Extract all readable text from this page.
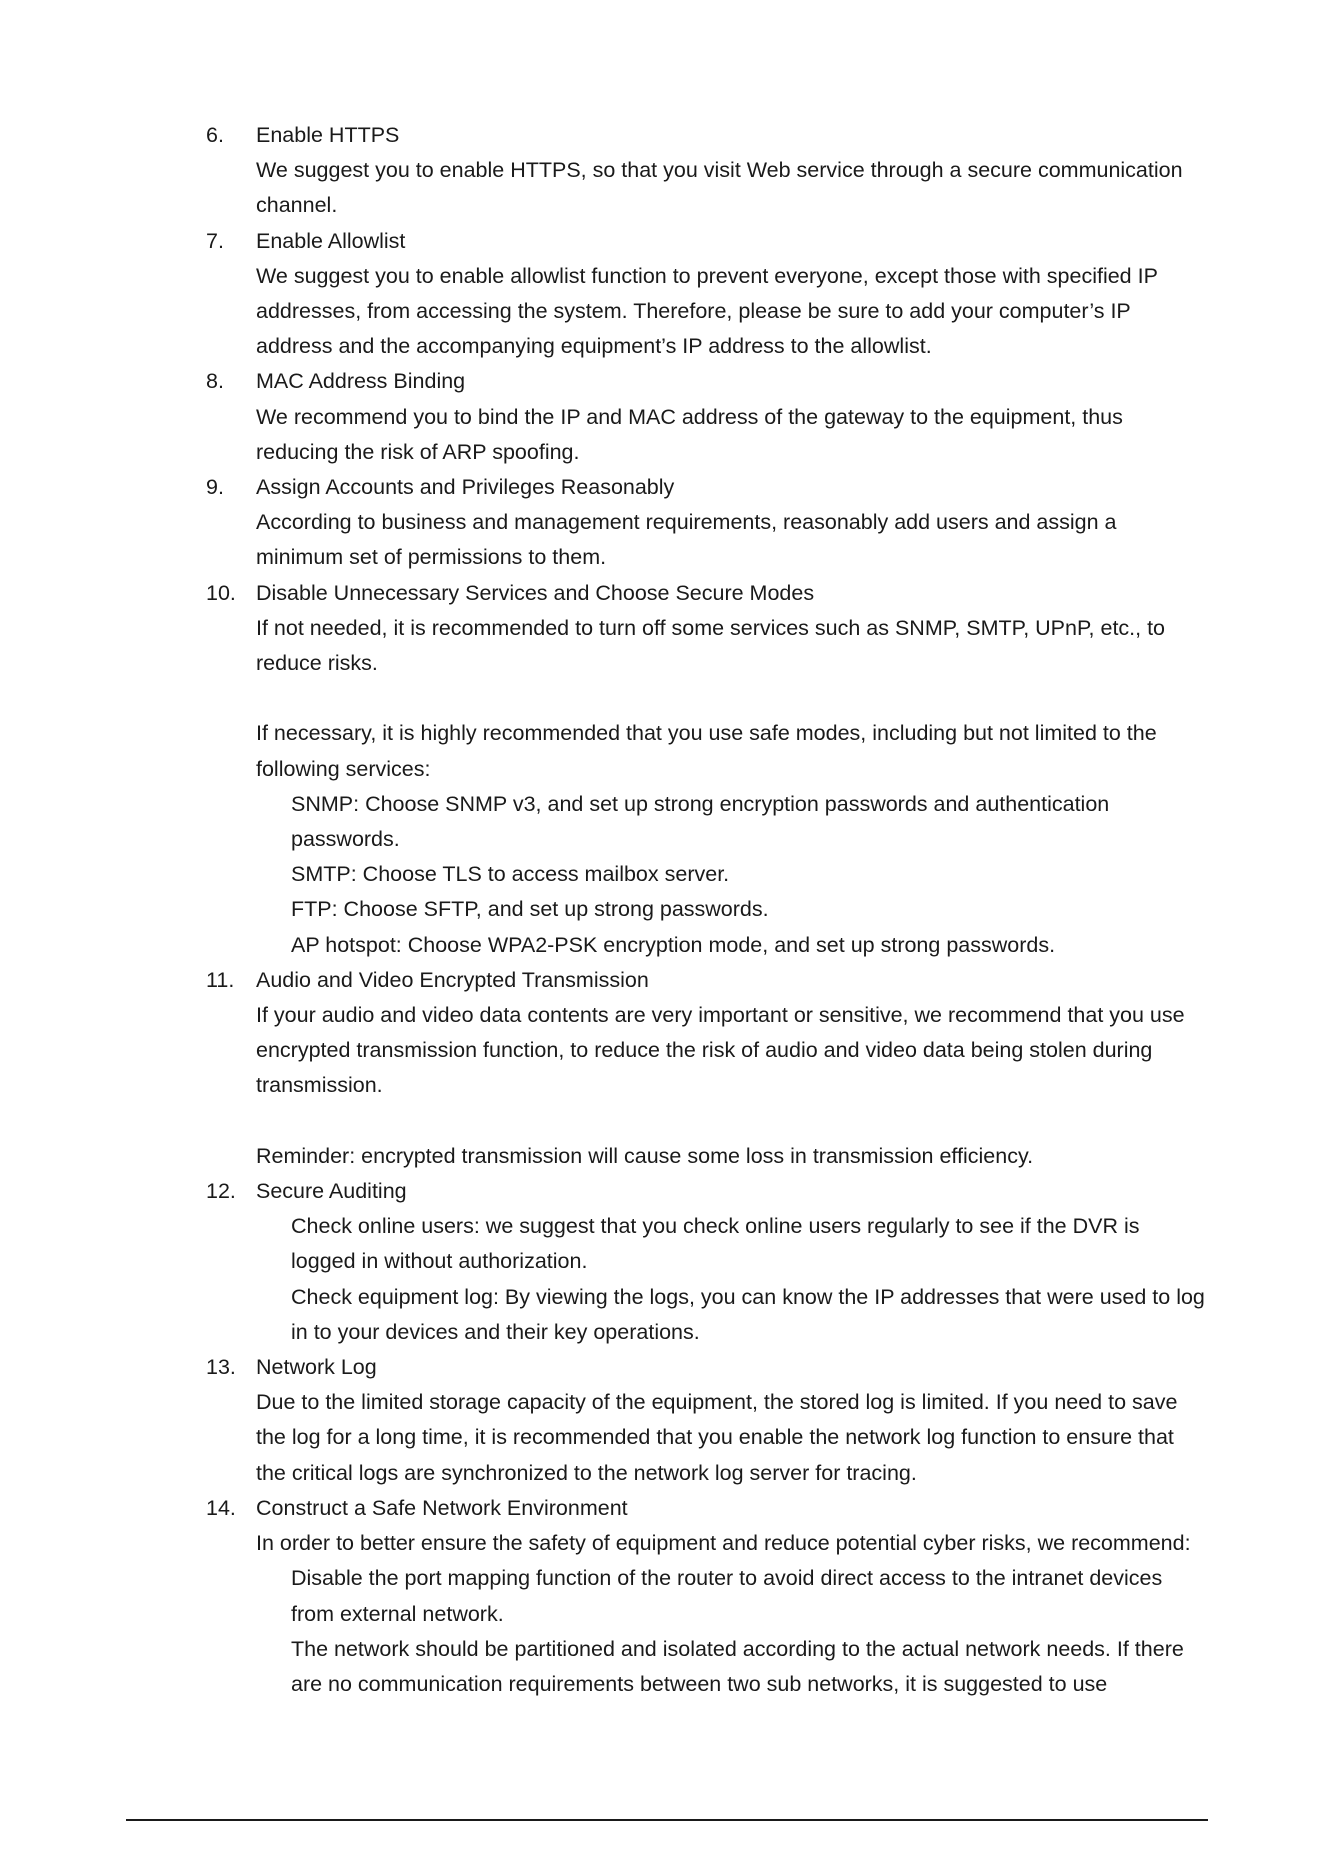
6.	Enable HTTPS
We suggest you to enable HTTPS, so that you visit Web service through a secure communication channel.
7.	Enable Allowlist
We suggest you to enable allowlist function to prevent everyone, except those with specified IP addresses, from accessing the system. Therefore, please be sure to add your computer’s IP address and the accompanying equipment’s IP address to the allowlist.
8.	MAC Address Binding
We recommend you to bind the IP and MAC address of the gateway to the equipment, thus reducing the risk of ARP spoofing.
9.	Assign Accounts and Privileges Reasonably
According to business and management requirements, reasonably add users and assign a minimum set of permissions to them.
10. Disable Unnecessary Services and Choose Secure Modes
If not needed, it is recommended to turn off some services such as SNMP, SMTP, UPnP, etc., to reduce risks.
If necessary, it is highly recommended that you use safe modes, including but not limited to the following services:
SNMP: Choose SNMP v3, and set up strong encryption passwords and authentication passwords.
SMTP: Choose TLS to access mailbox server.
FTP: Choose SFTP, and set up strong passwords.
AP hotspot: Choose WPA2-PSK encryption mode, and set up strong passwords.
11.	Audio and Video Encrypted Transmission
If your audio and video data contents are very important or sensitive, we recommend that you use encrypted transmission function, to reduce the risk of audio and video data being stolen during transmission.
Reminder: encrypted transmission will cause some loss in transmission efficiency.
12. Secure Auditing
Check online users: we suggest that you check online users regularly to see if the DVR is logged in without authorization.
Check equipment log: By viewing the logs, you can know the IP addresses that were used to log in to your devices and their key operations.
13. Network Log
Due to the limited storage capacity of the equipment, the stored log is limited. If you need to save the log for a long time, it is recommended that you enable the network log function to ensure that the critical logs are synchronized to the network log server for tracing.
14. Construct a Safe Network Environment
In order to better ensure the safety of equipment and reduce potential cyber risks, we recommend:
Disable the port mapping function of the router to avoid direct access to the intranet devices from external network.
The network should be partitioned and isolated according to the actual network needs. If there are no communication requirements between two sub networks, it is suggested to use
